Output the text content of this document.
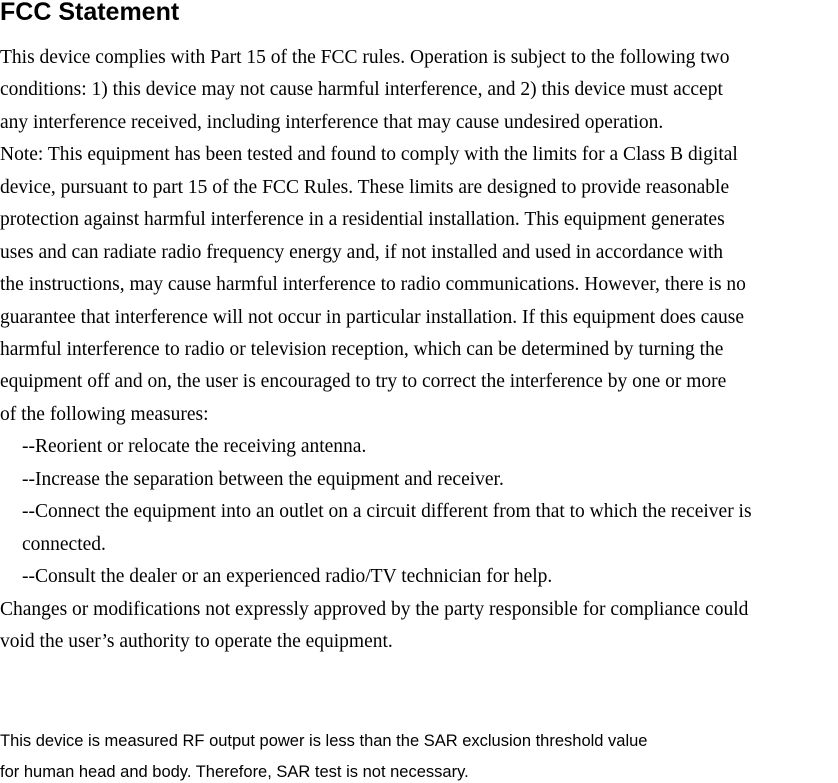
FCC Statement

This device complies with Part 15 of the FCC rules. Operation is subject to the following two

conditions: 1) this device may not cause harmful interference, and 2) this device must accept

any interference received, including interference that may cause undesired operation.

Note: This equipment has been tested and found to comply with the limits for a Class B digital

device, pursuant to part 15 of the FCC Rules. These limits are designed to provide reasonable

protection against harmful interference in a residential installation. This equipment generates

uses and can radiate radio frequency energy and, if not installed and used in accordance with

the instructions, may cause harmful interference to radio communications. However, there is no

guarantee that interference will not occur in particular installation. If this equipment does cause

harmful interference to radio or television reception, which can be determined by turning the

equipment off and on, the user is encouraged to try to correct the interference by one or more

of the following measures:

--Reorient or relocate the receiving antenna.

--Increase the separation between the equipment and receiver.

--Connect the equipment into an outlet on a circuit different from that to which the receiver is

connected.

--Consult the dealer or an experienced radio/TV technician for help.

Changes or modifications not expressly approved by the party responsible for compliance could

void the user’s authority to operate the equipment.

This device is measured RF output power is less than the SAR exclusion threshold value

for human head and body. Therefore, SAR test is not necessary.
